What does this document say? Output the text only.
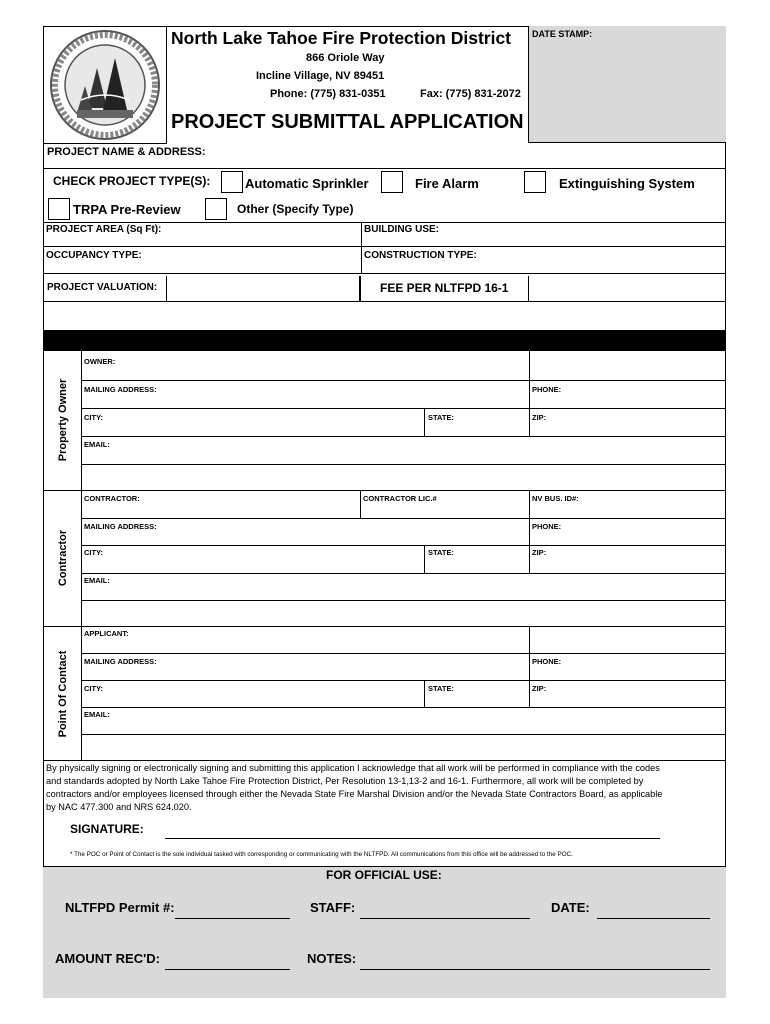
North Lake Tahoe Fire Protection District
866 Oriole Way
Incline Village, NV 89451
Phone: (775) 831-0351	Fax: (775) 831-2072
PROJECT SUBMITTAL APPLICATION
DATE STAMP:
PROJECT NAME & ADDRESS:
CHECK PROJECT TYPE(S):	Automatic Sprinkler	Fire Alarm	Extinguishing System
TRPA Pre-Review	Other (Specify Type)
PROJECT AREA (Sq Ft):	BUILDING USE:
OCCUPANCY TYPE:	CONSTRUCTION TYPE:
PROJECT VALUATION:	FEE PER NLTFPD 16-1
Property Owner
OWNER:
MAILING ADDRESS:	PHONE:
CITY:	STATE:	ZIP:
EMAIL:
Contractor
CONTRACTOR:	CONTRACTOR LIC.#	NV BUS. ID#:
MAILING ADDRESS:	PHONE:
CITY:	STATE:	ZIP:
EMAIL:
Point Of Contact
APPLICANT:
MAILING ADDRESS:	PHONE:
CITY:	STATE:	ZIP:
EMAIL:
By physically signing or electronically signing and submitting this application I acknowledge that all work will be performed in compliance with the codes
and standards adopted by North Lake Tahoe Fire Protection District, Per Resolution 13-1,13-2 and 16-1. Furthermore, all work will be completed by
contractors and/or employees licensed through either the Nevada State Fire Marshal Division and/or the Nevada State Contractors Board, as applicable
by NAC 477.300 and NRS 624.020.
SIGNATURE:
* The POC or Point of Contact is the sole individual tasked with corresponding or communicating with the NLTFPD. All communications from this office will be addressed to the POC.
FOR OFFICIAL USE:
NLTFPD Permit #:	STAFF:	DATE:
AMOUNT REC'D:	NOTES:
